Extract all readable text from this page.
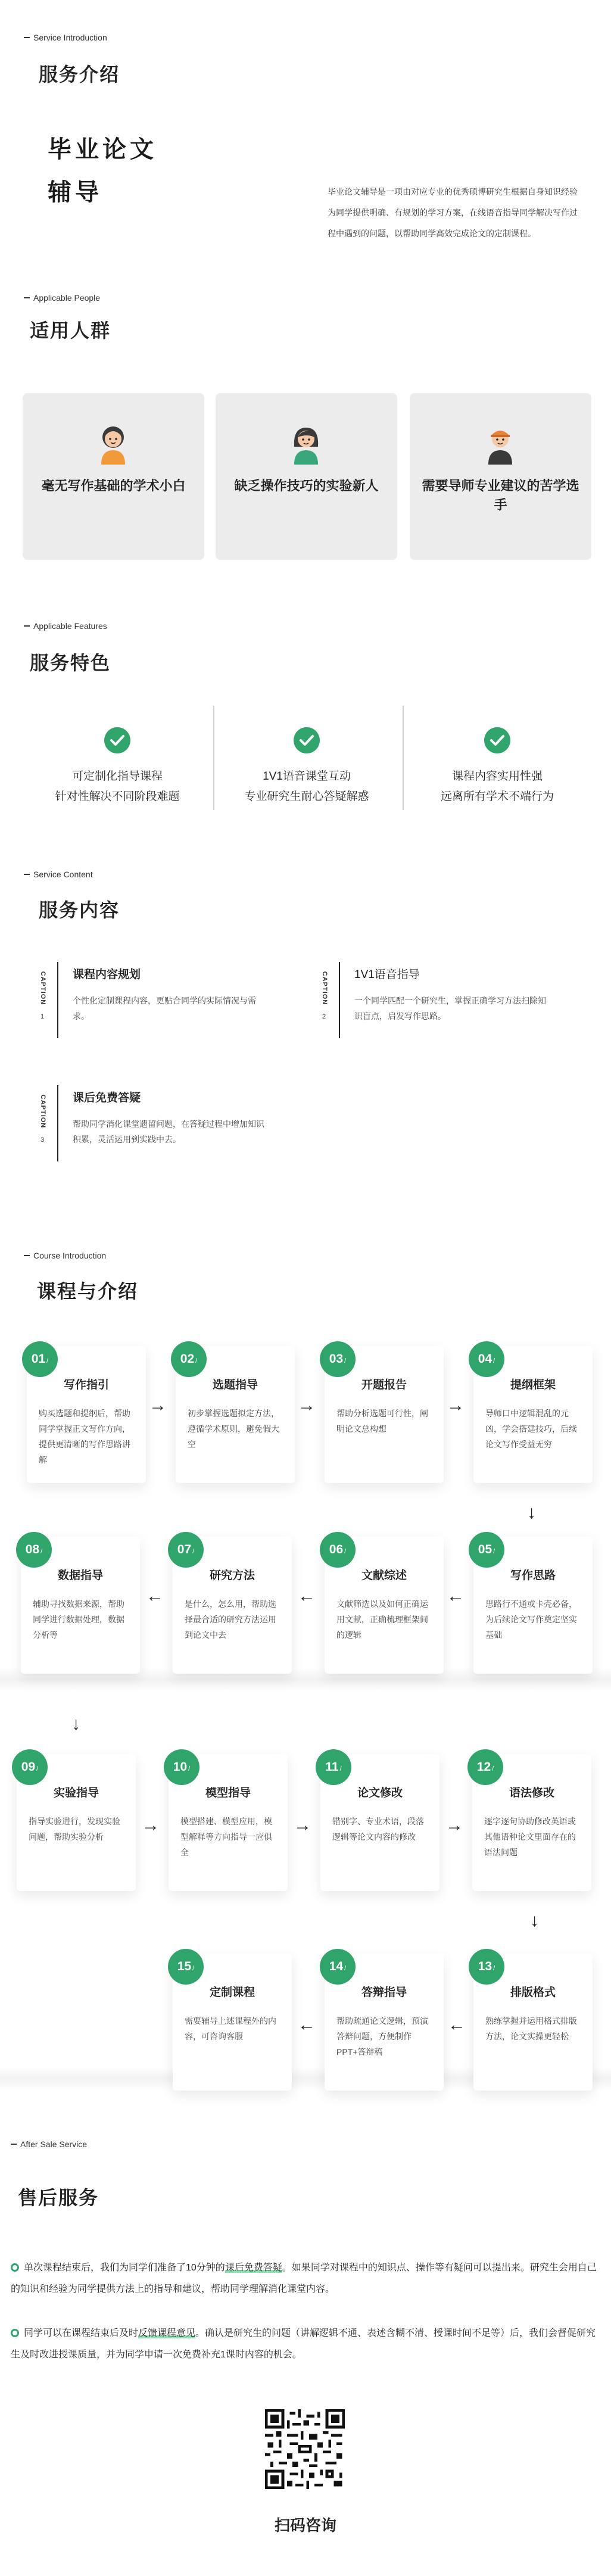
Service Introduction
服务介绍
毕业论文
辅导	毕业论文辅导是一项由对应专业的优秀硕博研究生根据自身知识经验为同学提供明确、有规划的学习方案，在线语音指导同学解决写作过程中遇到的问题，以帮助同学高效完成论文的定制课程。
Applicable People
适用人群
毫无写作基础的学术小白	缺乏操作技巧的实验新人	需要导师专业建议的苦学选手
Applicable Features
服务特色
可定制化指导课程
针对性解决不同阶段难题
1V1语音课堂互动
专业研究生耐心答疑解惑
课程内容实用性强
远离所有学术不端行为
Service Content
服务内容
CAPTION
1
课程内容规划
个性化定制课程内容，更贴合同学的实际情况与需求。
CAPTION
2
1V1语音指导
一个同学匹配一个研究生，掌握正确学习方法扫除知识盲点，启发写作思路。
CAPTION
3
课后免费答疑
帮助同学消化课堂遗留问题，在答疑过程中增加知识积累，灵活运用到实践中去。
Course Introduction
课程与介绍
01 /
写作指引
购买选题和提纲后，帮助同学掌握正文写作方向，提供更清晰的写作思路讲解
→
02 /
选题指导
初步掌握选题拟定方法，遵循学术原则，避免假大空
→
03 /
开题报告
帮助分析选题可行性，阐明论文总构想
→
04 /
提纲框架
导师口中逻辑混乱的元凶，学会搭建技巧，后续论文写作受益无穷
↓
08 /
数据指导
辅助寻找数据来源，帮助同学进行数据处理，数据分析等
←
07 /
研究方法
是什么，怎么用，帮助选择最合适的研究方法运用到论文中去
←
06 /
文献综述
文献筛选以及如何正确运用文献，正确梳理框架间的逻辑
←
05 /
写作思路
思路行不通或卡壳必备，为后续论文写作奠定坚实基础
↓
09 /
实验指导
指导实验进行，发现实验问题，帮助实验分析
→
10 /
模型指导
模型搭建、模型应用，模型解释等方向指导一应俱全
→
11 /
论文修改
错别字、专业术语，段落逻辑等论文内容的修改
→
12 /
语法修改
逐字逐句协助修改英语或其他语种论文里面存在的语法问题
↓
15 /
定制课程
需要辅导上述课程外的内容，可咨询客服
←
14 /
答辩指导
帮助疏通论文逻辑，预演答辩问题，方便制作PPT+答辩稿
←
13 /
排版格式
熟练掌握并运用格式排版方法，论文实操更轻松
After Sale Service
售后服务
单次课程结束后，我们为同学们准备了10分钟的课后免费答疑。如果同学对课程中的知识点、操作等有疑问可以提出来。研究生会用自己的知识和经验为同学提供方法上的指导和建议，帮助同学理解消化课堂内容。
同学可以在课程结束后及时反馈课程意见。确认是研究生的问题（讲解逻辑不通、表述含糊不清、授课时间不足等）后，我们会督促研究生及时改进授课质量，并为同学申请一次免费补充1课时内容的机会。
扫码咨询
